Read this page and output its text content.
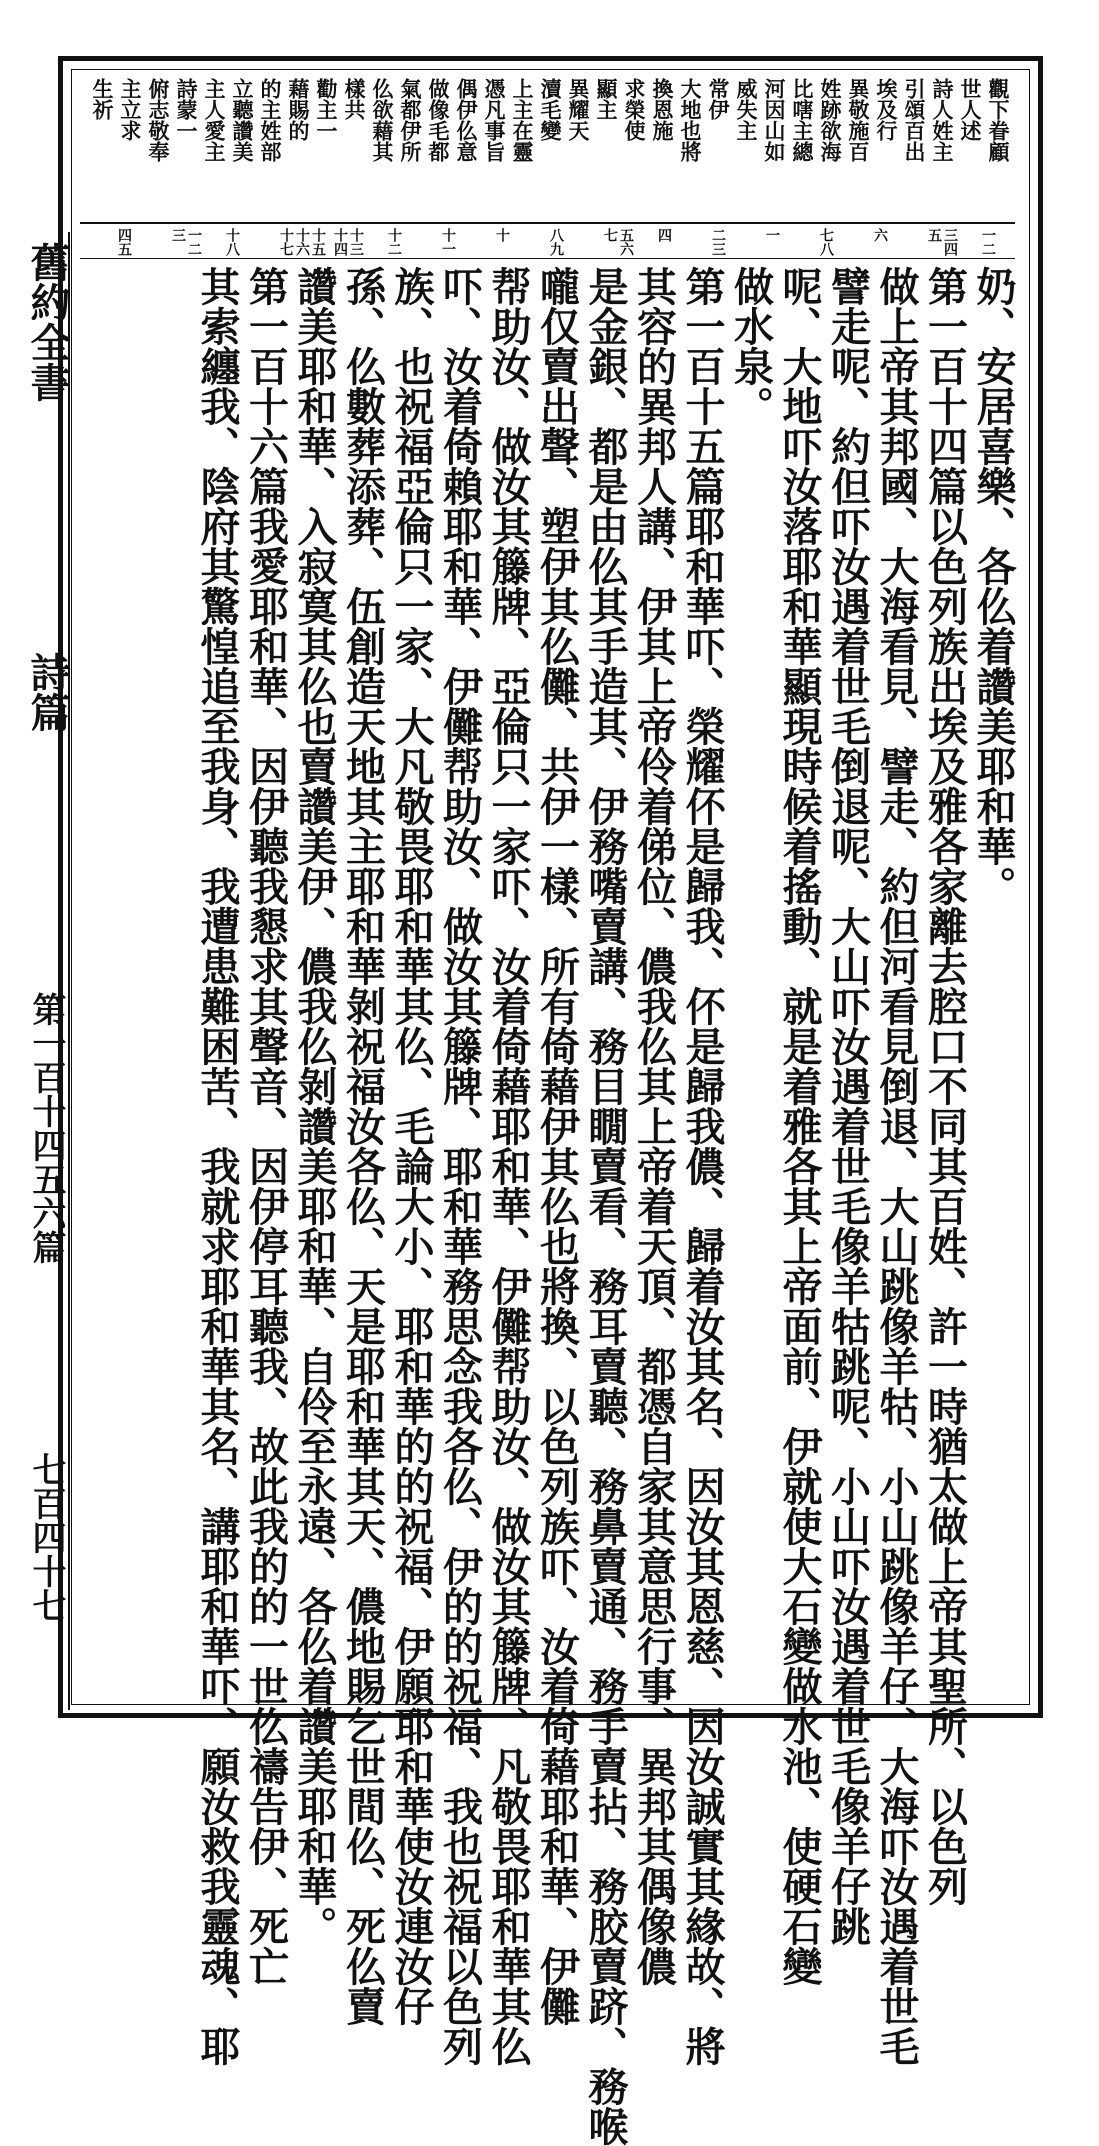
觀下眷顧
世人述
詩人姓主
引頌百出
埃及行
異敬施百
姓跡欲海
比嗐主總
河因山如
威失主
常伊
大地也將
換恩施
求榮使
顯主
異耀天
瀆毛變
上主在靈
憑凡事旨
偶伊仫意
做像毛都
氣都伊所
仫欲藉其
樣共
勸主一
藉賜的
的主姓部
立聽讚美
主人愛主
詩蒙一
俯志敬奉
主立求
生祈
一二
三四五
六
七八
一
二三
四
五六七
八九
十
十一
十二
十三十四
十五十六十七
十八
一二三
四五
舊約全書
詩篇
第一百十四五六篇
七百四十七
奶、安居喜樂、各仫着讚美耶和華。
第一百十四篇以色列族出埃及雅各家離去腔口不同其百姓、許一時猶太做上帝其聖所、以色列
做上帝其邦國、大海看見、譬走、約但河看見倒退、大山跳像羊牯、小山跳像羊仔、大海吓汝遇着世毛
譬走呢、約但吓汝遇着世毛倒退呢、大山吓汝遇着世毛像羊牯跳呢、小山吓汝遇着世毛像羊仔跳
呢、大地吓汝落耶和華顯現時候着搖動、就是着雅各其上帝面前、伊就使大石變做水池、使硬石變
做水泉。
第一百十五篇耶和華吓、榮耀伓是歸我、伓是歸我儂、歸着汝其名、因汝其恩慈、因汝誠實其緣故、將
其容的異邦人講、伊其上帝伶着俤位、儂我仫其上帝着天頂、都憑自家其意思行事、異邦其偶像儂
是金銀、都是由仫其手造其、伊務嘴賣講、務目瞯賣看、務耳賣聽、務鼻賣通、務手賣拈、務胶賣跻、務喉
嚨仅賣出聲、塑伊其仫儺、共伊一樣、所有倚藉伊其仫也將換、以色列族吓、汝着倚藉耶和華、伊儺
帮助汝、做汝其籐牌、亞倫只一家吓、汝着倚藉耶和華、伊儺帮助汝、做汝其籐牌、凡敬畏耶和華其仫
吓、汝着倚賴耶和華、伊儺帮助汝、做汝其籐牌、耶和華務思念我各仫、伊的的祝福、我也祝福以色列
族、也祝福亞倫只一家、大凡敬畏耶和華其仫、毛論大小、耶和華的的祝福、伊願耶和華使汝連汝仔
孫、仫數葬添葬、伍創造天地其主耶和華剝祝福汝各仫、天是耶和華其天、儂地賜乞世間仫、死仫賣
讚美耶和華、入寂寞其仫也賣讚美伊、儂我仫剝讚美耶和華、自伶至永遠、各仫着讚美耶和華。
第一百十六篇我愛耶和華、因伊聽我懇求其聲音、因伊停耳聽我、故此我的的一世仫禱告伊、死亡
其索纏我、陰府其驚惶追至我身、我遭患難困苦、我就求耶和華其名、講耶和華吓、願汝救我靈魂、耶
